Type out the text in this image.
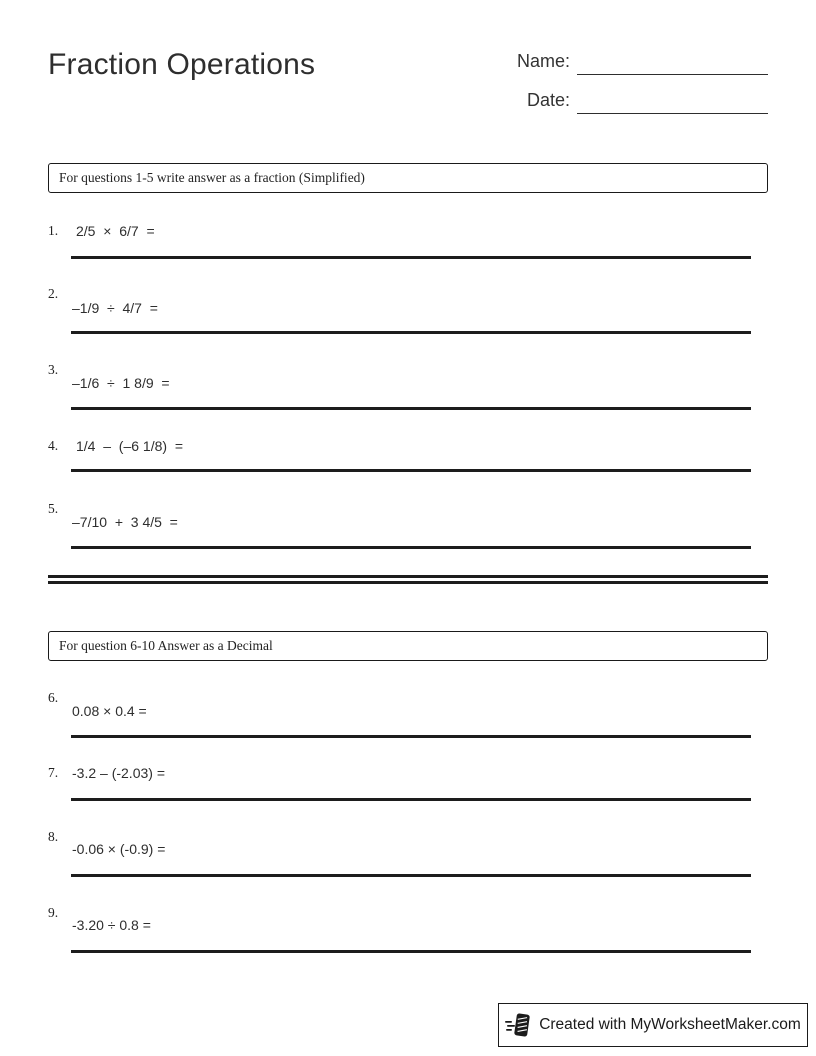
Fraction Operations	Name:
Date:
For questions 1-5 write answer as a fraction (Simplified)
1. 2/5  ×  6/7  =
2.
–1/9  ÷  4/7  =
3.
–1/6  ÷  1 8/9  =
4. 1/4  –  (–6 1/8)  =
5.
–7/10  +  3 4/5  =
For question 6-10 Answer as a Decimal
6.
0.08 × 0.4 =
7. -3.2 – (-2.03) =
8.
-0.06 × (-0.9) =
9.
-3.20 ÷ 0.8 =
Created with MyWorksheetMaker.com
